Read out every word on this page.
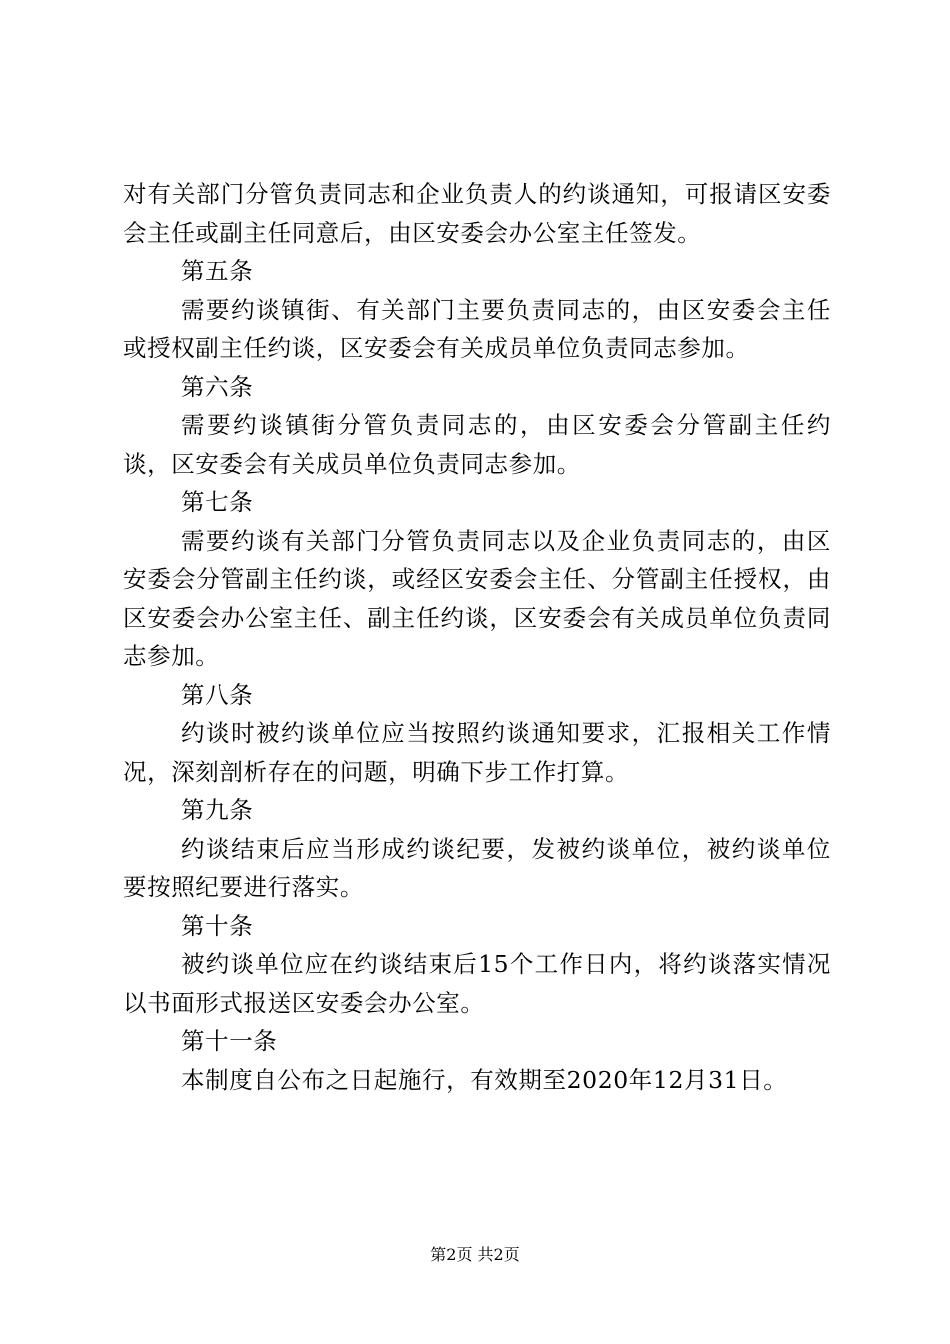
对有关部门分管负责同志和企业负责人的约谈通知，可报请区安委会主任或副主任同意后，由区安委会办公室主任签发。

第五条

需要约谈镇街、有关部门主要负责同志的，由区安委会主任或授权副主任约谈，区安委会有关成员单位负责同志参加。

第六条

需要约谈镇街分管负责同志的，由区安委会分管副主任约谈，区安委会有关成员单位负责同志参加。

第七条

需要约谈有关部门分管负责同志以及企业负责同志的，由区安委会分管副主任约谈，或经区安委会主任、分管副主任授权，由区安委会办公室主任、副主任约谈，区安委会有关成员单位负责同志参加。

第八条

约谈时被约谈单位应当按照约谈通知要求，汇报相关工作情况，深刻剖析存在的问题，明确下步工作打算。

第九条

约谈结束后应当形成约谈纪要，发被约谈单位，被约谈单位要按照纪要进行落实。

第十条

被约谈单位应在约谈结束后15个工作日内，将约谈落实情况以书面形式报送区安委会办公室。

第十一条

本制度自公布之日起施行，有效期至2020年12月31日。

第2页 共2页
